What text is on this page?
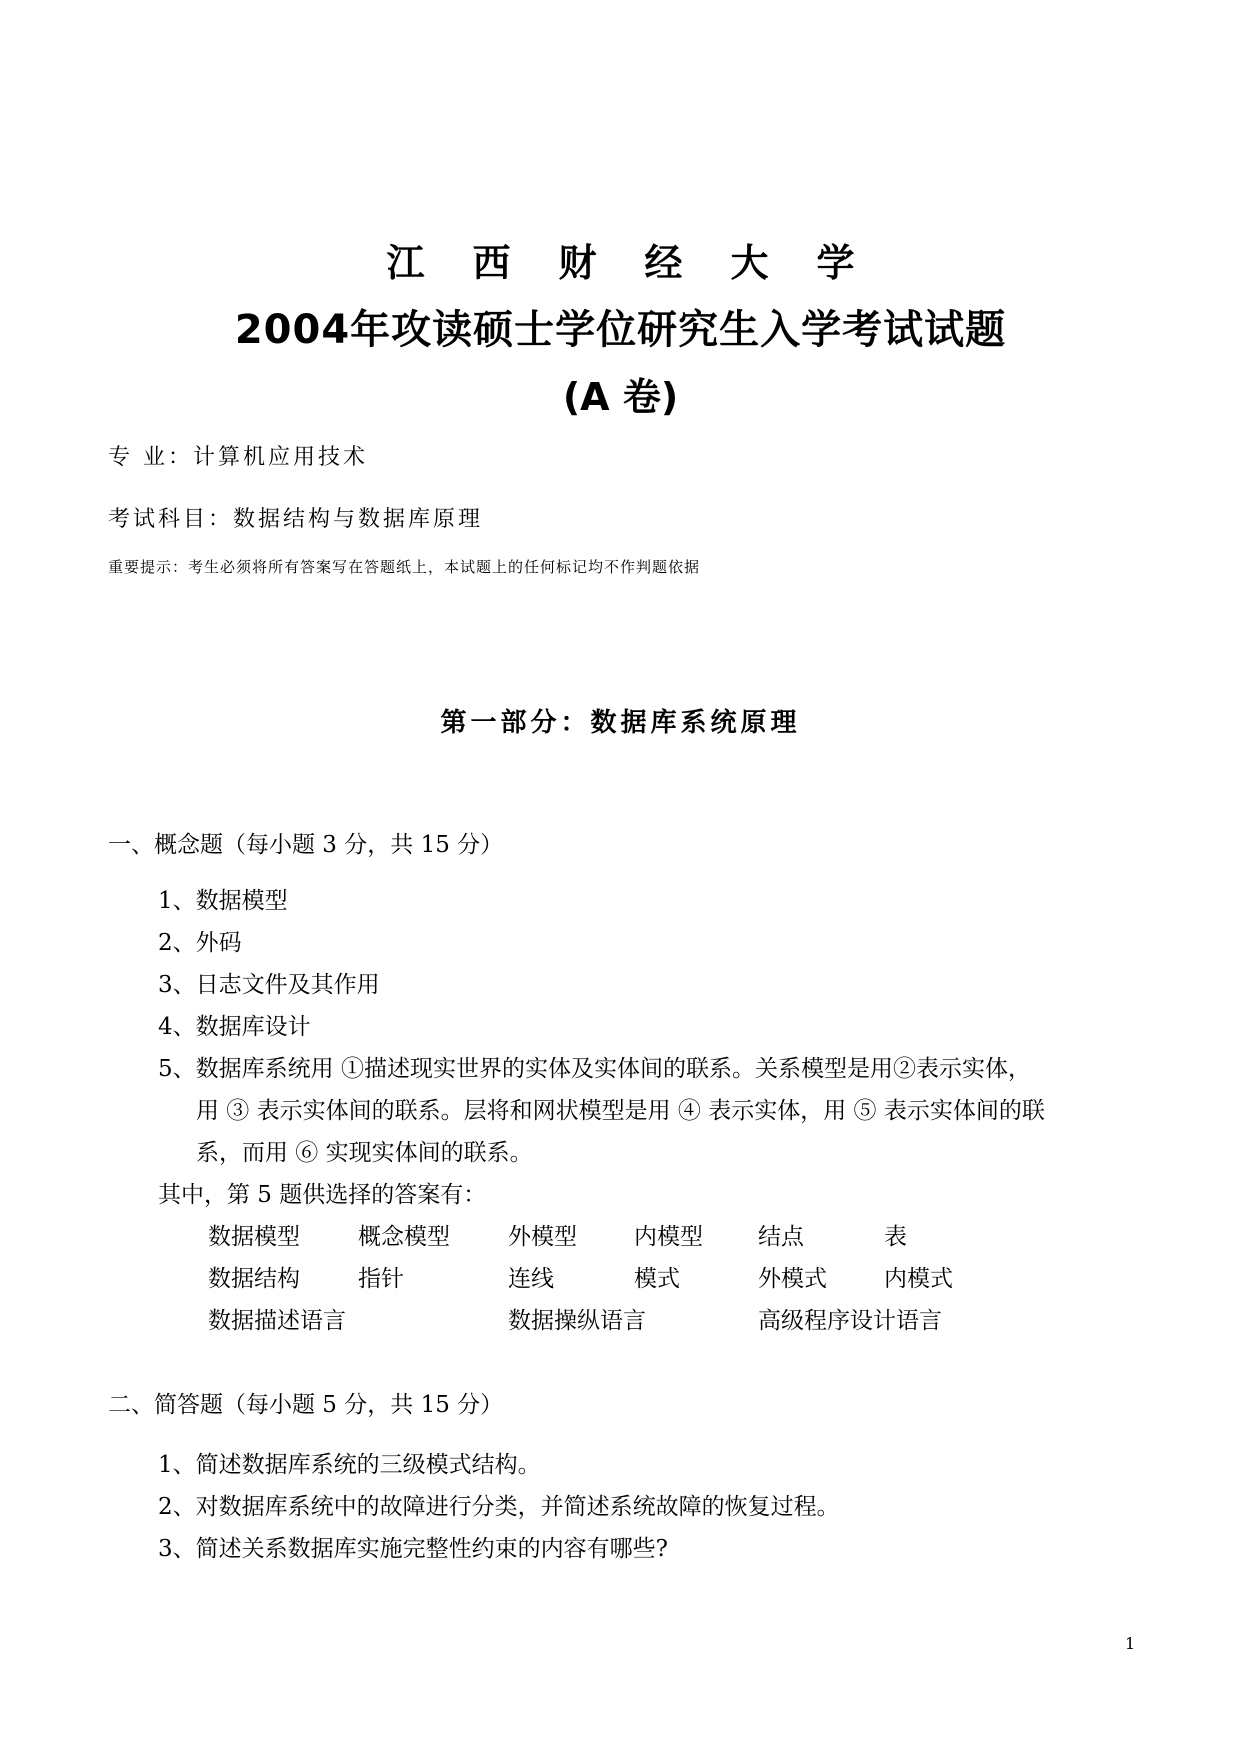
江西财经大学
2004年攻读硕士学位研究生入学考试试题
(A 卷)
专 业：计算机应用技术
考试科目：数据结构与数据库原理
重要提示：考生必须将所有答案写在答题纸上，本试题上的任何标记均不作判题依据
第一部分：数据库系统原理
一、概念题（每小题 3 分，共 15 分）
1、数据模型
2、外码
3、日志文件及其作用
4、数据库设计
5、数据库系统用 ①描述现实世界的实体及实体间的联系。关系模型是用②表示实体，
用 ③ 表示实体间的联系。层将和网状模型是用 ④ 表示实体，用 ⑤ 表示实体间的联
系，而用 ⑥ 实现实体间的联系。
其中，第 5 题供选择的答案有：
数据模型	概念模型	外模型 内模型 结点	表
数据结构	指针	连线	模式	外模式 内模式
数据描述语言	数据操纵语言	高级程序设计语言
二、简答题（每小题 5 分，共 15 分）
1、简述数据库系统的三级模式结构。
2、对数据库系统中的故障进行分类，并简述系统故障的恢复过程。
3、简述关系数据库实施完整性约束的内容有哪些?
1
